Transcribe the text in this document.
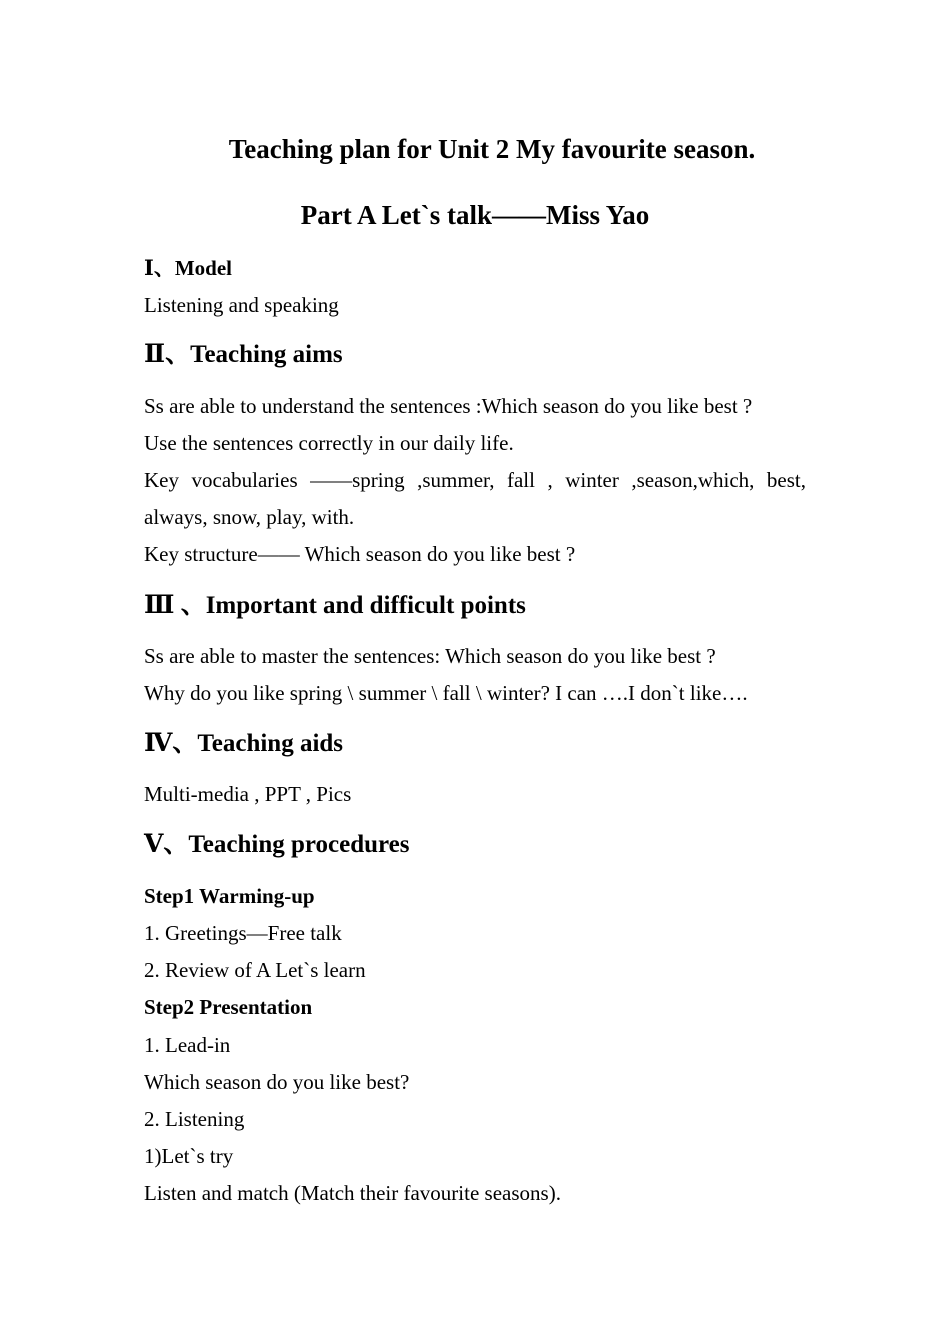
Teaching plan for Unit 2 My favourite season.
Part A Let`s talk——Miss Yao
Ⅰ、Model
Listening and speaking
Ⅱ、Teaching aims
Ss are able to understand the sentences :Which season do you like best ?
Use the sentences correctly in our daily life.
Key vocabularies ——spring ,summer, fall , winter ,season,which, best,
always, snow, play, with.
Key structure—— Which season do you like best ?
Ⅲ 、Important and difficult points
Ss are able to master the sentences: Which season do you like best ?
Why do you like spring \ summer \ fall \ winter? I can ….I don`t like….
Ⅳ、Teaching aids
Multi-media , PPT , Pics
Ⅴ、Teaching procedures
Step1 Warming-up
1. Greetings—Free talk
2. Review of A Let`s learn
Step2 Presentation
1. Lead-in
Which season do you like best?
2. Listening
1)Let`s try
Listen and match (Match their favourite seasons).
